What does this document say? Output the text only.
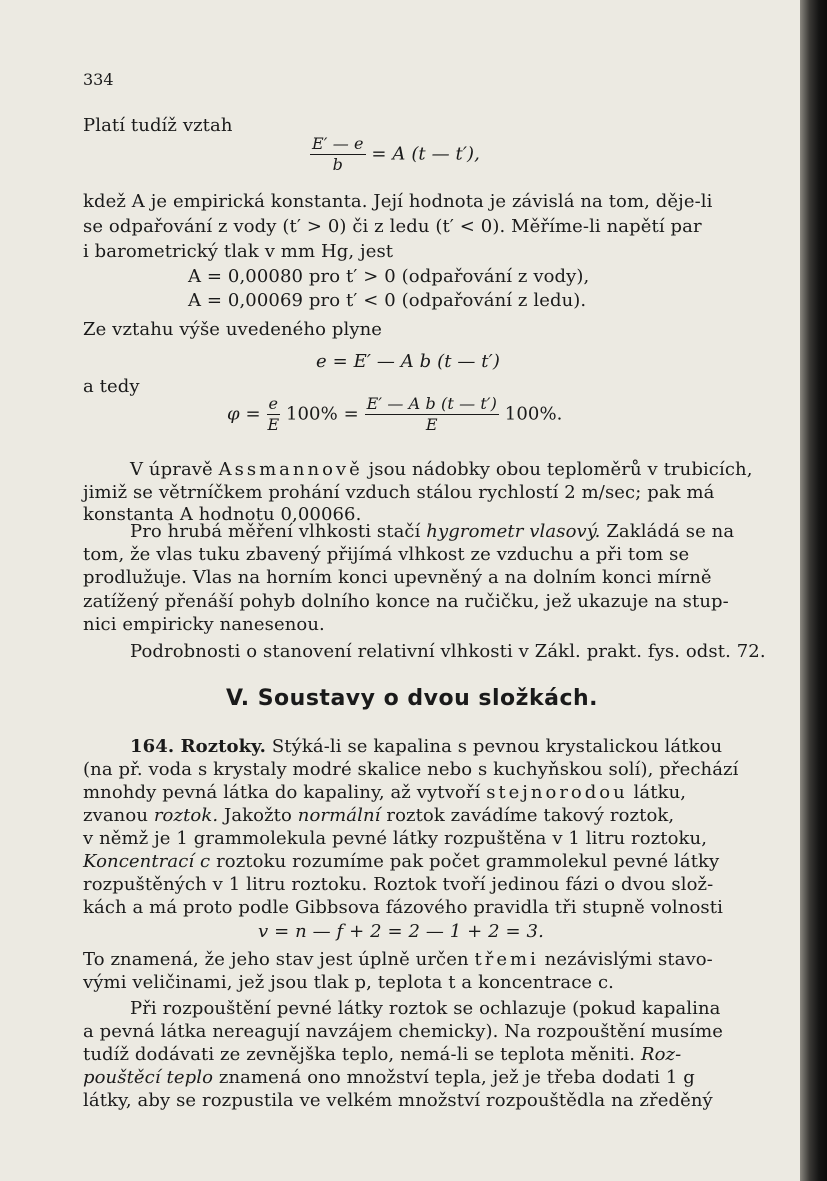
334
Platí tudíž vztah
$\frac{E' — e}{b} = A$ (t — t′),
kdež A je empirická konstanta. Její hodnota je závislá na tom, děje-li
se odpařování z vody (t′ > 0) či z ledu (t′ < 0). Měříme-li napětí par
i barometrický tlak v mm Hg, jest
A = 0,00080 pro t′ > 0 (odpařování z vody),
A = 0,00069 pro t′ < 0 (odpařování z ledu).
Ze vztahu výše uvedeného plyne
e = E′ — A b (t — t′)
a tedy
$\varphi = \frac{e}{E} 100\% = \frac{\text{E′ — A b (t — t′)}}{E} 100\%$.
V úpravě Assmannově jsou nádobky obou teploměrů v trubicích,
jimiž se větrníčkem prohání vzduch stálou rychlostí 2 m/sec; pak má
konstanta A hodnotu 0,00066.
Pro hrubá měření vlhkosti stačí hygrometr vlasový. Zakládá se na
tom, že vlas tuku zbavený přijímá vlhkost ze vzduchu a při tom se
prodlužuje. Vlas na horním konci upevněný a na dolním konci mírně
zatížený přenáší pohyb dolního konce na ručičku, jež ukazuje na stup-
nici empiricky nanesenou.
Podrobnosti o stanovení relativní vlhkosti v Zákl. prakt. fys. odst. 72.
V. Soustavy o dvou složkách.
164. Roztoky. Stýká-li se kapalina s pevnou krystalickou látkou
(na př. voda s krystaly modré skalice nebo s kuchyňskou solí), přechází
mnohdy pevná látka do kapaliny, až vytvoří stejnorodou látku,
zvanou roztok. Jakožto normální roztok zavádíme takový roztok,
v němž je 1 grammolekula pevné látky rozpuštěna v 1 litru roztoku,
Koncentrací c roztoku rozumíme pak počet grammolekul pevné látky
rozpuštěných v 1 litru roztoku. Roztok tvoří jedinou fázi o dvou slož-
kách a má proto podle Gibbsova fázového pravidla tři stupně volnosti
v = n — f + 2 = 2 — 1 + 2 = 3.
To znamená, že jeho stav jest úplně určen třemi nezávislými stavo-
vými veličinami, jež jsou tlak p, teplota t a koncentrace c.
Při rozpouštění pevné látky roztok se ochlazuje (pokud kapalina
a pevná látka nereagují navzájem chemicky). Na rozpouštění musíme
tudíž dodávati ze zevnějška teplo, nemá-li se teplota měniti. Roz-
pouštěcí teplo znamená ono množství tepla, jež je třeba dodati 1 g
látky, aby se rozpustila ve velkém množství rozpouštědla na zředěný
